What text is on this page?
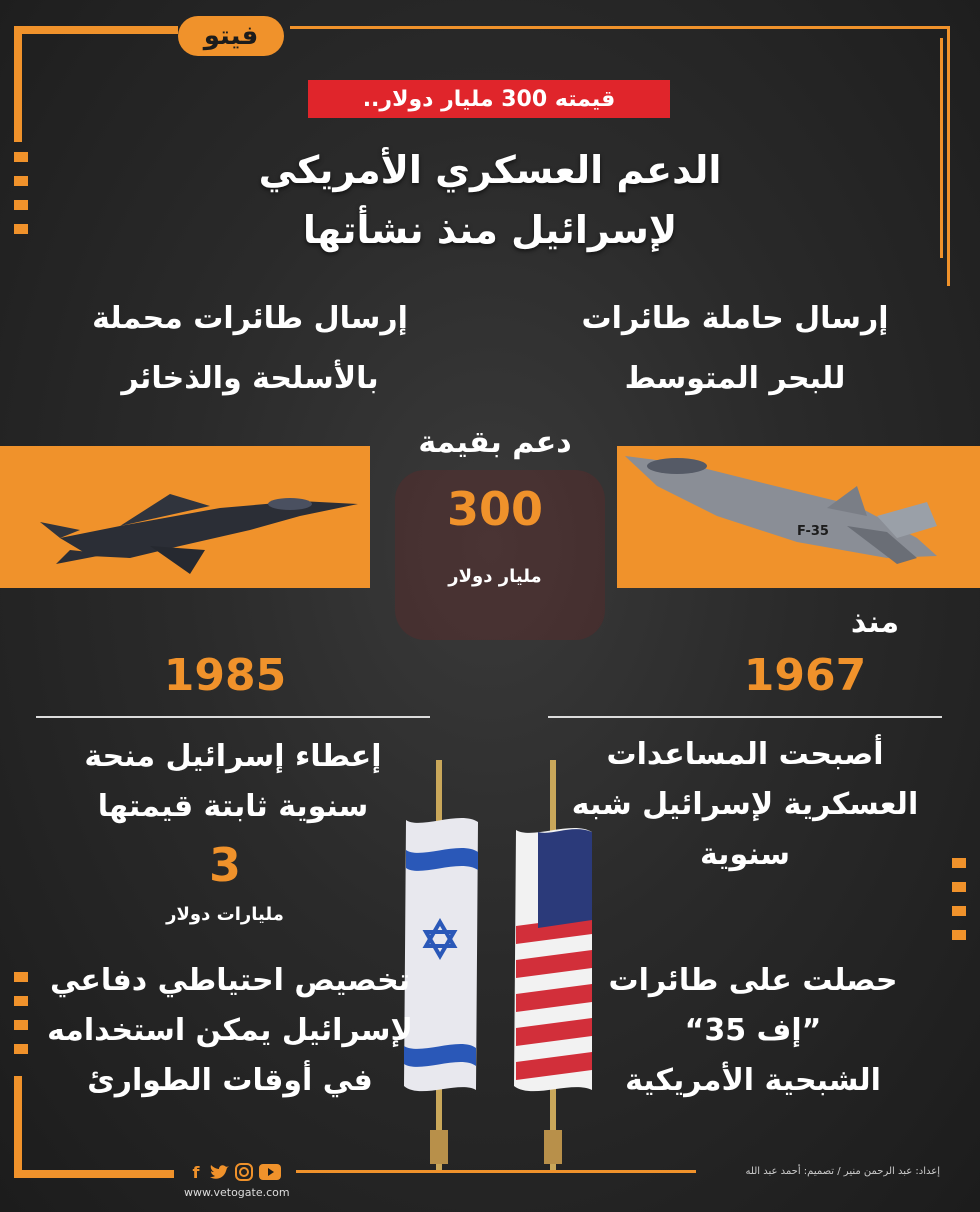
فيتو
قيمته 300 مليار دولار..
الدعم العسكري الأمريكي
لإسرائيل منذ نشأتها
إرسال طائرات محملة
بالأسلحة والذخائر
إرسال حاملة طائرات
للبحر المتوسط
F-35
دعم بقيمة
300
مليار دولار
منذ
1967
أصبحت المساعدات
العسكرية لإسرائيل شبه
سنوية
1985
إعطاء إسرائيل منحة
سنوية ثابتة قيمتها
3
مليارات دولار
حصلت على طائرات
”إف 35“
الشبحية الأمريكية
تخصيص احتياطي دفاعي
لإسرائيل يمكن استخدامه
في أوقات الطوارئ
f
www.vetogate.com
إعداد: عبد الرحمن منير / تصميم: أحمد عبد الله
